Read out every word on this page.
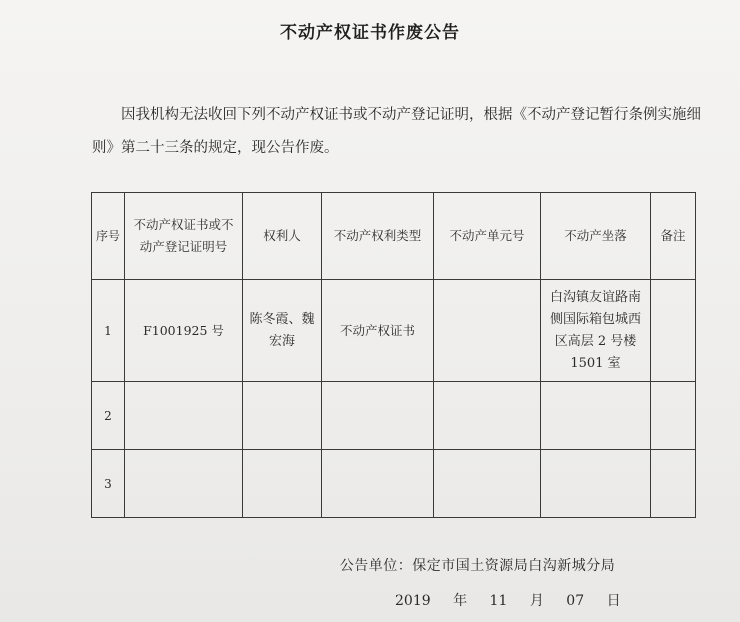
不动产权证书作废公告
因我机构无法收回下列不动产权证书或不动产登记证明，根据《不动产登记暂行条例实施细则》第二十三条的规定，现公告作废。
序号	不动产权证书或不动产登记证明号	权利人	不动产权利类型	不动产单元号	不动产坐落	备注
1	F1001925 号	陈冬霞、魏宏海	不动产权证书		白沟镇友谊路南侧国际箱包城西区高层 2 号楼 1501 室	
2						
3						
公告单位：保定市国土资源局白沟新城分局
2019 年 11 月 07 日
